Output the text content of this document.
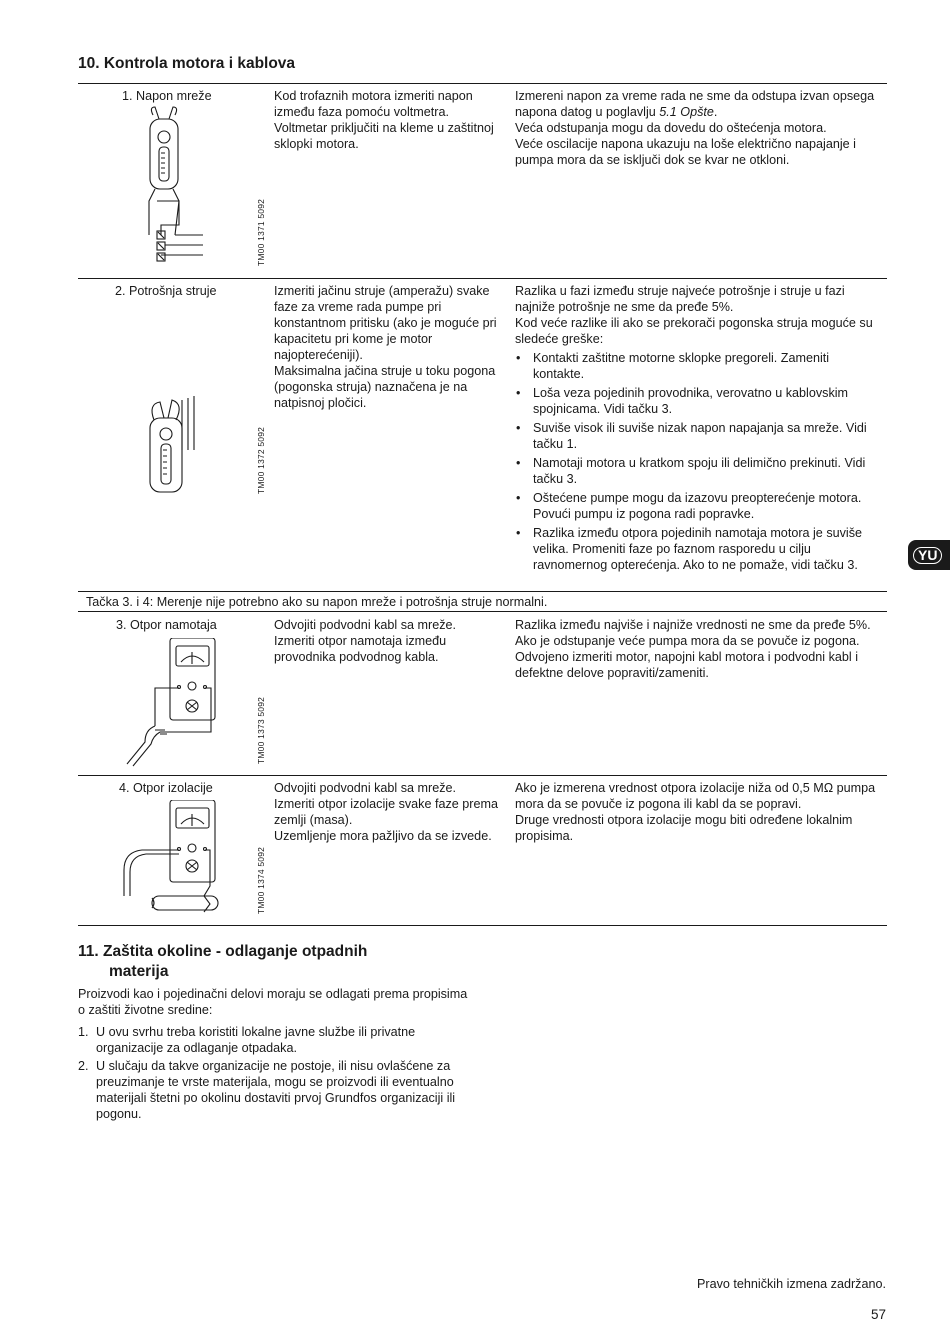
10. Kontrola motora i kablova
1. Napon mreže
TM00 1371 5092

Kod trofaznih motora izmeriti napon između faza pomoću voltmetra.

Voltmetar priključiti na kleme u zaštitnoj sklopki motora.

Izmereni napon za vreme rada ne sme da odstupa izvan opsega napona datog u poglavlju 5.1 Opšte.

Veća odstupanja mogu da dovedu do oštećenja motora.

Veće oscilacije napona ukazuju na loše električno napajanje i pumpa mora da se isključi dok se kvar ne otkloni.

2. Potrošnja struje
TM00 1372 5092

Izmeriti jačinu struje (amperažu) svake faze za vreme rada pumpe pri konstantnom pritisku (ako je moguće pri kapacitetu pri kome je motor najopterećeniji).

Maksimalna jačina struje u toku pogona (pogonska struja) naznačena je na natpisnoj pločici.

Razlika u fazi između struje najveće potrošnje i struje u fazi najniže potrošnje ne sme da pređe 5%.

Kod veće razlike ili ako se prekorači pogonska struja moguće su sledeće greške:

• Kontakti zaštitne motorne sklopke pregoreli. Zameniti kontakte.
• Loša veza pojedinih provodnika, verovatno u kablovskim spojnicama. Vidi tačku 3.
• Suviše visok ili suviše nizak napon napajanja sa mreže. Vidi tačku 1.
• Namotaji motora u kratkom spoju ili delimično prekinuti. Vidi tačku 3.
• Oštećene pumpe mogu da izazovu preopterećenje motora. Povući pumpu iz pogona radi popravke.
• Razlika između otpora pojedinih namotaja motora je suviše velika. Promeniti faze po faznom rasporedu u cilju ravnomernog opterećenja. Ako to ne pomaže, vidi tačku 3.
Tačka 3. i 4: Merenje nije potrebno ako su napon mreže i potrošnja struje normalni.
3. Otpor namotaja
TM00 1373 5092

Odvojiti podvodni kabl sa mreže.

Izmeriti otpor namotaja između provodnika podvodnog kabla.

Razlika između najviše i najniže vrednosti ne sme da pređe 5%.

Ako je odstupanje veće pumpa mora da se povuče iz pogona.

Odvojeno izmeriti motor, napojni kabl motora i podvodni kabl i defektne delove popraviti/zameniti.

4. Otpor izolacije
TM00 1374 5092

Odvojiti podvodni kabl sa mreže.

Izmeriti otpor izolacije svake faze prema zemlji (masa).

Uzemljenje mora pažljivo da se izvede.

Ako je izmerena vrednost otpora izolacije niža od 0,5 MΩ pumpa mora da se povuče iz pogona ili kabl da se popravi.

Druge vrednosti otpora izolacije mogu biti određene lokalnim propisima.

11. Zaštita okoline - odlaganje otpadnih
materija
Proizvodi kao i pojedinačni delovi moraju se odlagati prema propisima o zaštiti životne sredine:
1. U ovu svrhu treba koristiti lokalne javne službe ili privatne organizacije za odlaganje otpadaka.
2. U slučaju da takve organizacije ne postoje, ili nisu ovlašćene za preuzimanje te vrste materijala, mogu se proizvodi ili eventualno materijali štetni po okolinu dostaviti prvoj Grundfos organizaciji ili pogonu.
YU
Pravo tehničkih izmena zadržano.
57
